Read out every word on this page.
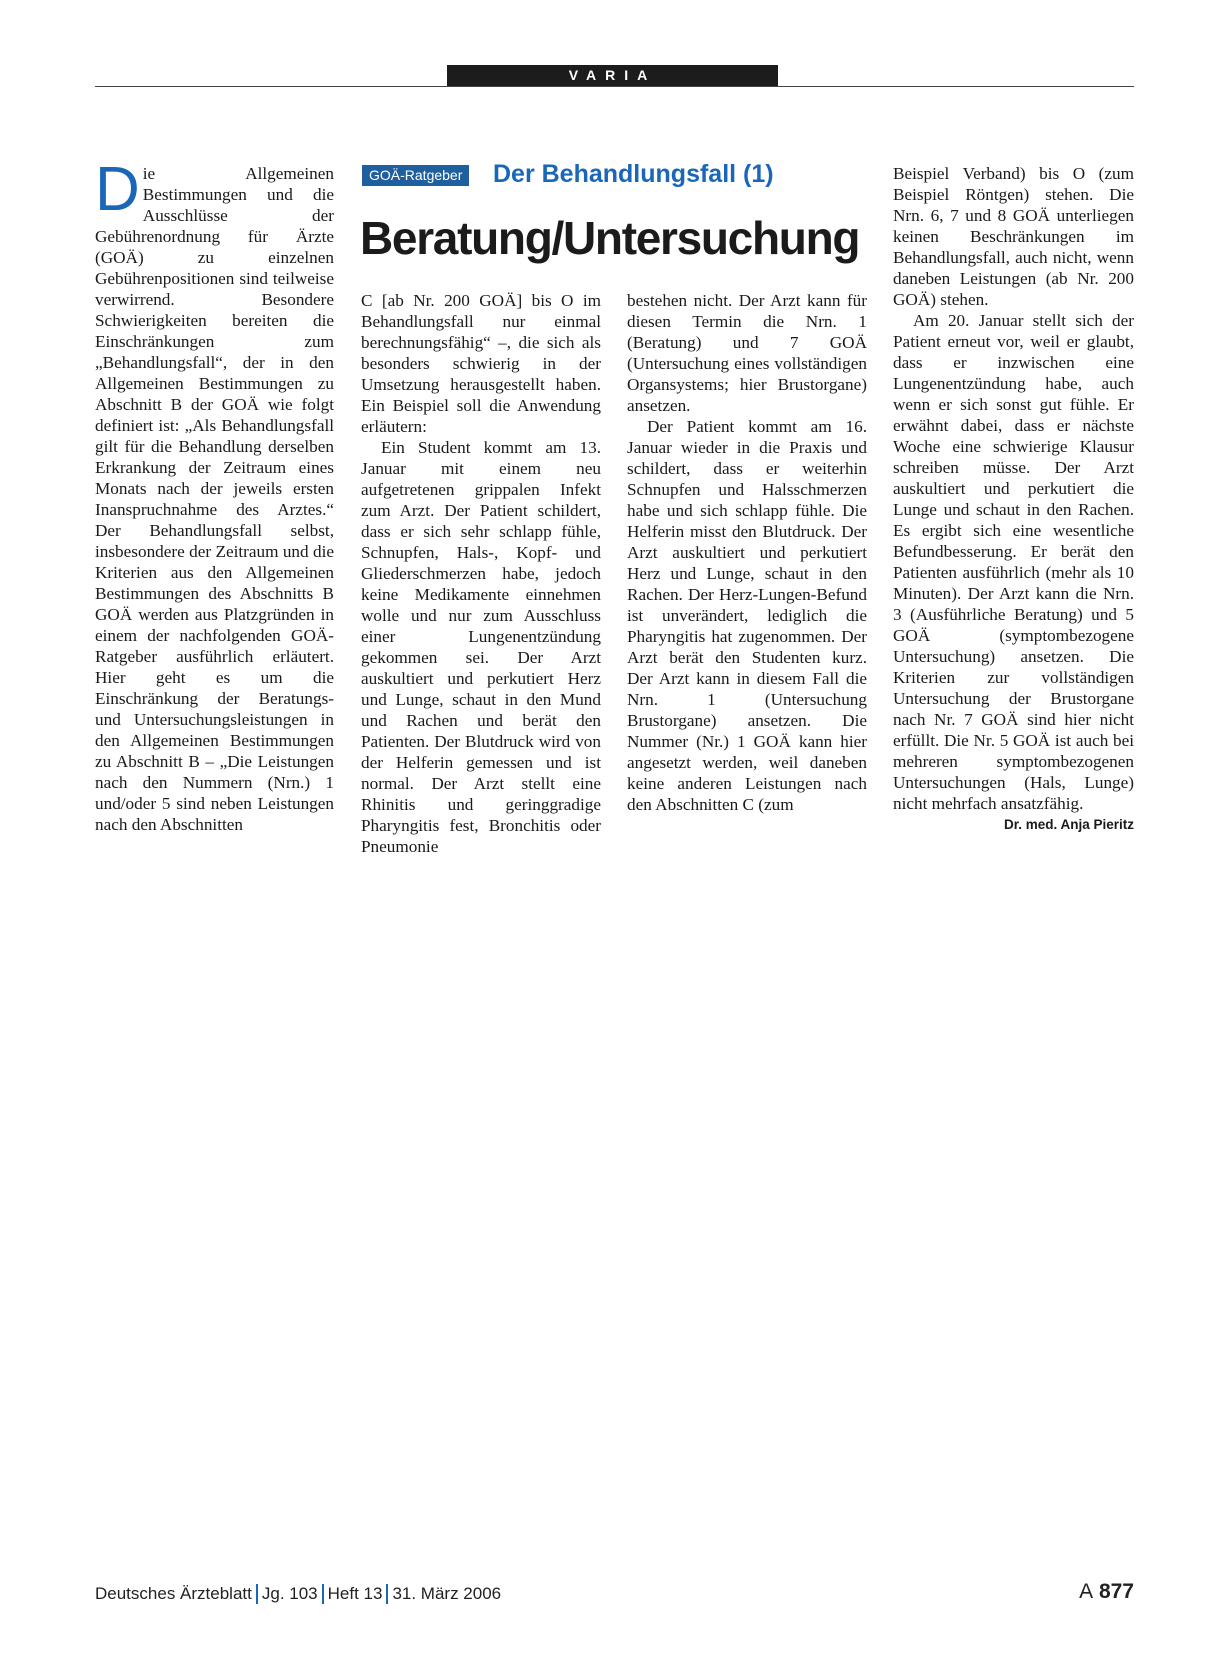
VARIA

Die Allgemeinen Bestimmungen und die Ausschlüsse der Gebührenordnung für Ärzte (GOÄ) zu einzelnen Gebührenpositionen sind teilweise verwirrend. Besondere Schwierigkeiten bereiten die Einschränkungen zum „Behandlungsfall“, der in den Allgemeinen Bestimmungen zu Abschnitt B der GOÄ wie folgt definiert ist: „Als Behandlungsfall gilt für die Behandlung derselben Erkrankung der Zeitraum eines Monats nach der jeweils ersten Inanspruchnahme des Arztes.“ Der Behandlungsfall selbst, insbesondere der Zeitraum und die Kriterien aus den Allgemeinen Bestimmungen des Abschnitts B GOÄ werden aus Platzgründen in einem der nachfolgenden GOÄ-Ratgeber ausführlich erläutert. Hier geht es um die Einschränkung der Beratungs- und Untersuchungsleistungen in den Allgemeinen Bestimmungen zu Abschnitt B – „Die Leistungen nach den Nummern (Nrn.) 1 und/oder 5 sind neben Leistungen nach den Abschnitten

GOÄ-Ratgeber Der Behandlungsfall (1)
Beratung/Untersuchung

C [ab Nr. 200 GOÄ] bis O im Behandlungsfall nur einmal berechnungsfähig“ –, die sich als besonders schwierig in der Umsetzung herausgestellt haben. Ein Beispiel soll die Anwendung erläutern:

Ein Student kommt am 13. Januar mit einem neu aufgetretenen grippalen Infekt zum Arzt. Der Patient schildert, dass er sich sehr schlapp fühle, Schnupfen, Hals-, Kopf- und Gliederschmerzen habe, jedoch keine Medikamente einnehmen wolle und nur zum Ausschluss einer Lungenentzündung gekommen sei. Der Arzt auskultiert und perkutiert Herz und Lunge, schaut in den Mund und Rachen und berät den Patienten. Der Blutdruck wird von der Helferin gemessen und ist normal. Der Arzt stellt eine Rhinitis und geringgradige Pharyngitis fest, Bronchitis oder Pneumonie

bestehen nicht. Der Arzt kann für diesen Termin die Nrn. 1 (Beratung) und 7 GOÄ (Untersuchung eines vollständigen Organsystems; hier Brustorgane) ansetzen.

Der Patient kommt am 16. Januar wieder in die Praxis und schildert, dass er weiterhin Schnupfen und Halsschmerzen habe und sich schlapp fühle. Die Helferin misst den Blutdruck. Der Arzt auskultiert und perkutiert Herz und Lunge, schaut in den Rachen. Der Herz-Lungen-Befund ist unverändert, lediglich die Pharyngitis hat zugenommen. Der Arzt berät den Studenten kurz. Der Arzt kann in diesem Fall die Nrn. 1 (Untersuchung Brustorgane) ansetzen. Die Nummer (Nr.) 1 GOÄ kann hier angesetzt werden, weil daneben keine anderen Leistungen nach den Abschnitten C (zum

Beispiel Verband) bis O (zum Beispiel Röntgen) stehen. Die Nrn. 6, 7 und 8 GOÄ unterliegen keinen Beschränkungen im Behandlungsfall, auch nicht, wenn daneben Leistungen (ab Nr. 200 GOÄ) stehen.

Am 20. Januar stellt sich der Patient erneut vor, weil er glaubt, dass er inzwischen eine Lungenentzündung habe, auch wenn er sich sonst gut fühle. Er erwähnt dabei, dass er nächste Woche eine schwierige Klausur schreiben müsse. Der Arzt auskultiert und perkutiert die Lunge und schaut in den Rachen. Es ergibt sich eine wesentliche Befundbesserung. Er berät den Patienten ausführlich (mehr als 10 Minuten). Der Arzt kann die Nrn. 3 (Ausführliche Beratung) und 5 GOÄ (symptombezogene Untersuchung) ansetzen. Die Kriterien zur vollständigen Untersuchung der Brustorgane nach Nr. 7 GOÄ sind hier nicht erfüllt. Die Nr. 5 GOÄ ist auch bei mehreren symptombezogenen Untersuchungen (Hals, Lunge) nicht mehrfach ansatzfähig.
Dr. med. Anja Pieritz

Deutsches Ärzteblatt Jg. 103 Heft 13 31. März 2006	A 877
